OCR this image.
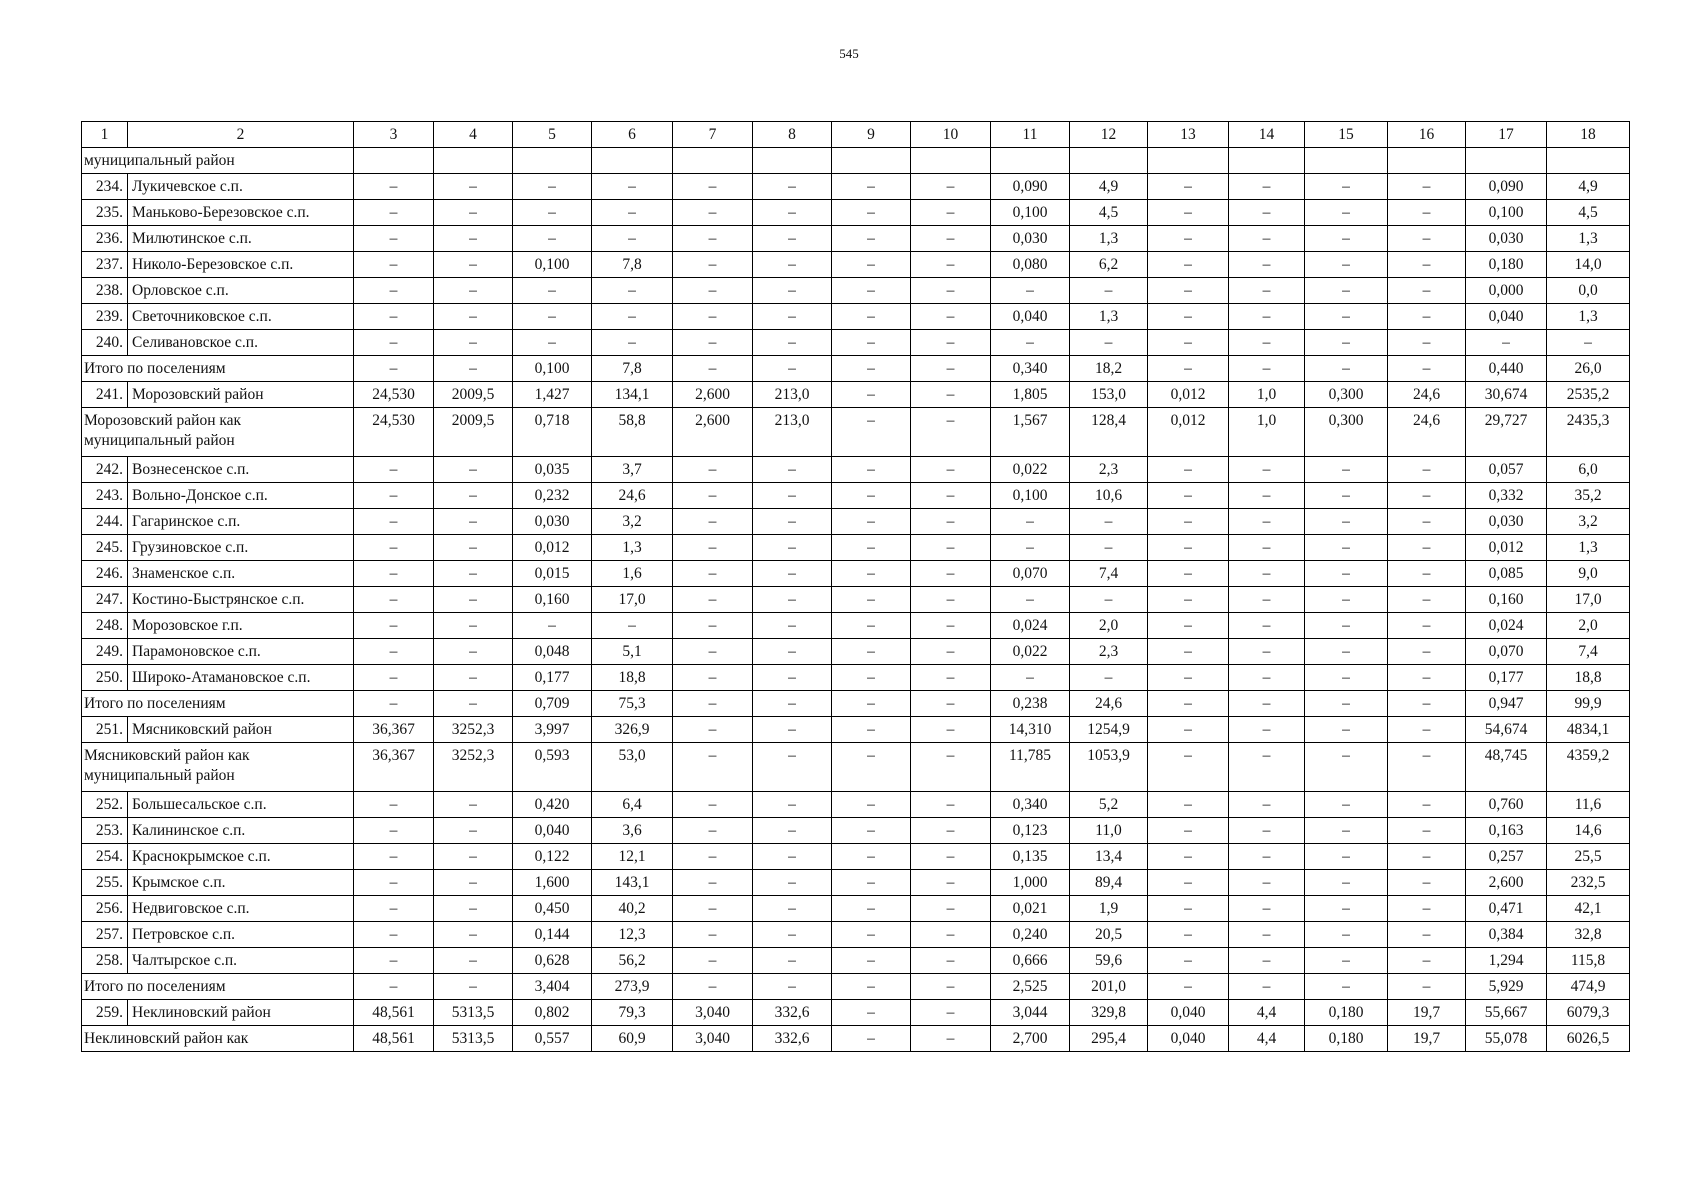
545
1	2	3	4	5	6	7	8	9	10	11	12	13	14	15	16	17	18
муниципальный район																	
234.	Лукичевское с.п.	–	–	–	–	–	–	–	–	0,090	4,9	–	–	–	–	0,090	4,9
235.	Маньково-Березовское с.п.	–	–	–	–	–	–	–	–	0,100	4,5	–	–	–	–	0,100	4,5
236.	Милютинское с.п.	–	–	–	–	–	–	–	–	0,030	1,3	–	–	–	–	0,030	1,3
237.	Николо-Березовское с.п.	–	–	0,100	7,8	–	–	–	–	0,080	6,2	–	–	–	–	0,180	14,0
238.	Орловское с.п.	–	–	–	–	–	–	–	–	–	–	–	–	–	–	0,000	0,0
239.	Светочниковское с.п.	–	–	–	–	–	–	–	–	0,040	1,3	–	–	–	–	0,040	1,3
240.	Селивановское с.п.	–	–	–	–	–	–	–	–	–	–	–	–	–	–	–	–
Итого по поселениям		–	–	0,100	7,8	–	–	–	–	0,340	18,2	–	–	–	–	0,440	26,0
241.	Морозовский район	24,530	2009,5	1,427	134,1	2,600	213,0	–	–	1,805	153,0	0,012	1,0	0,300	24,6	30,674	2535,2
Морозовский район как муниципальный район		24,530	2009,5	0,718	58,8	2,600	213,0	–	–	1,567	128,4	0,012	1,0	0,300	24,6	29,727	2435,3
242.	Вознесенское с.п.	–	–	0,035	3,7	–	–	–	–	0,022	2,3	–	–	–	–	0,057	6,0
243.	Вольно-Донское с.п.	–	–	0,232	24,6	–	–	–	–	0,100	10,6	–	–	–	–	0,332	35,2
244.	Гагаринское с.п.	–	–	0,030	3,2	–	–	–	–	–	–	–	–	–	–	0,030	3,2
245.	Грузиновское с.п.	–	–	0,012	1,3	–	–	–	–	–	–	–	–	–	–	0,012	1,3
246.	Знаменское с.п.	–	–	0,015	1,6	–	–	–	–	0,070	7,4	–	–	–	–	0,085	9,0
247.	Костино-Быстрянское с.п.	–	–	0,160	17,0	–	–	–	–	–	–	–	–	–	–	0,160	17,0
248.	Морозовское г.п.	–	–	–	–	–	–	–	–	0,024	2,0	–	–	–	–	0,024	2,0
249.	Парамоновское с.п.	–	–	0,048	5,1	–	–	–	–	0,022	2,3	–	–	–	–	0,070	7,4
250.	Широко-Атамановское с.п.	–	–	0,177	18,8	–	–	–	–	–	–	–	–	–	–	0,177	18,8
Итого по поселениям		–	–	0,709	75,3	–	–	–	–	0,238	24,6	–	–	–	–	0,947	99,9
251.	Мясниковский район	36,367	3252,3	3,997	326,9	–	–	–	–	14,310	1254,9	–	–	–	–	54,674	4834,1
Мясниковский район как муниципальный район		36,367	3252,3	0,593	53,0	–	–	–	–	11,785	1053,9	–	–	–	–	48,745	4359,2
252.	Большесальское с.п.	–	–	0,420	6,4	–	–	–	–	0,340	5,2	–	–	–	–	0,760	11,6
253.	Калининское с.п.	–	–	0,040	3,6	–	–	–	–	0,123	11,0	–	–	–	–	0,163	14,6
254.	Краснокрымское с.п.	–	–	0,122	12,1	–	–	–	–	0,135	13,4	–	–	–	–	0,257	25,5
255.	Крымское с.п.	–	–	1,600	143,1	–	–	–	–	1,000	89,4	–	–	–	–	2,600	232,5
256.	Недвиговское с.п.	–	–	0,450	40,2	–	–	–	–	0,021	1,9	–	–	–	–	0,471	42,1
257.	Петровское с.п.	–	–	0,144	12,3	–	–	–	–	0,240	20,5	–	–	–	–	0,384	32,8
258.	Чалтырское с.п.	–	–	0,628	56,2	–	–	–	–	0,666	59,6	–	–	–	–	1,294	115,8
Итого по поселениям		–	–	3,404	273,9	–	–	–	–	2,525	201,0	–	–	–	–	5,929	474,9
259.	Неклиновский район	48,561	5313,5	0,802	79,3	3,040	332,6	–	–	3,044	329,8	0,040	4,4	0,180	19,7	55,667	6079,3
Неклиновский район как		48,561	5313,5	0,557	60,9	3,040	332,6	–	–	2,700	295,4	0,040	4,4	0,180	19,7	55,078	6026,5
